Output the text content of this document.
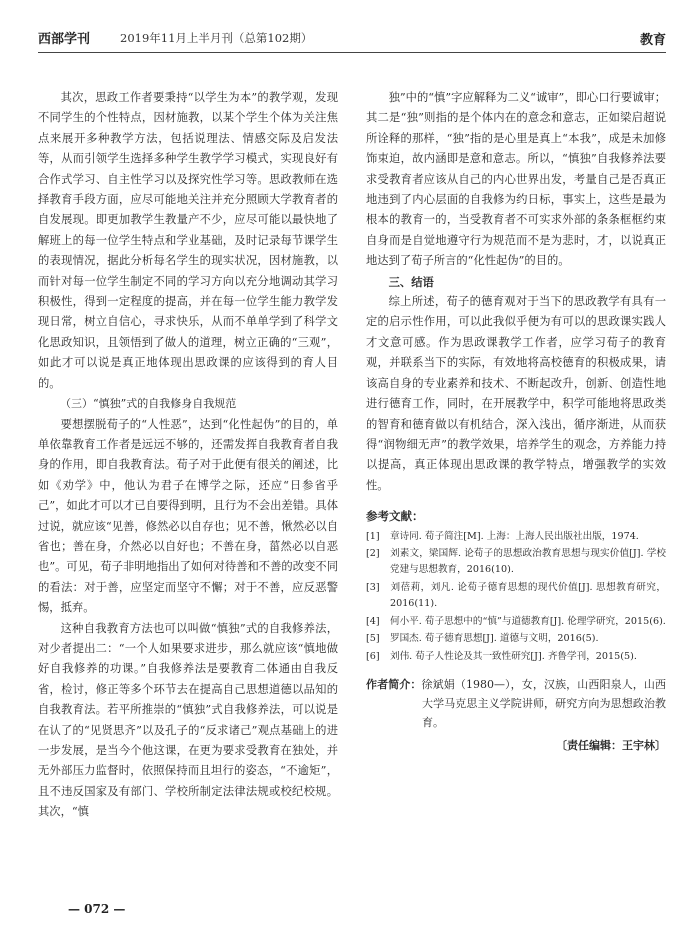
西部学刊	2019年11月上半月刊（总第102期）	教育

其次，思政工作者要秉持“以学生为本”的教学观，发现不同学生的个性特点，因材施教，以某个学生个体为关注焦点来展开多种教学方法，包括说理法、情感交际及启发法等，从而引领学生选择多种学生教学学习模式，实现良好有合作式学习、自主性学习以及探究性学习等。思政教师在选择教育手段方面，应尽可能地关注并充分照顾大学教育者的自发展现。即更加教学生教量产不少，应尽可能以最快地了解班上的每一位学生特点和学业基础，及时记录每节课学生的表现情况，据此分析每名学生的现实状况，因材施教，以而针对每一位学生制定不同的学习方向以充分地调动其学习积极性，得到一定程度的提高，并在每一位学生能力教学发现日常，树立自信心，寻求快乐，从而不单单学到了科学文化思政知识，且领悟到了做人的道理，树立正确的“三观”，如此才可以说是真正地体现出思政课的应该得到的育人目的。

（三）“慎独”式的自我修身自我规范

要想摆脱荀子的“人性恶”，达到“化性起伪”的目的，单单依靠教育工作者是远远不够的，还需发挥自我教育者自我身的作用，即自我教育法。荀子对于此便有很关的阐述，比如《劝学》中，他认为君子在博学之际，还应“日参省乎己”，如此才可以才已自要得到明，且行为不会出差错。具体过说，就应该“见善，修然必以自存也；见不善，愀然必以自省也；善在身，介然必以自好也；不善在身，菑然必以自恶也”。可见，荀子非明地指出了如何对待善和不善的改变不同的看法：对于善，应坚定而坚守不懈；对于不善，应反恶警惕，抵弃。

这种自我教育方法也可以叫做“慎独”式的自我修养法，对少者提出二：“一个人如果要求进步，那么就应该“慎地做好自我修养的功课。”自我修养法是要教育二体通由自我反省，检讨，修正等多个环节去在提高自己思想道德以品知的自我教育法。若平所推崇的“慎独”式自我修养法，可以说是在认了的“见贤思齐”以及孔子的“反求诸己”观点基础上的进一步发展，是当今个他这课，在更为要求受教育在独处，并无外部压力监督时，依照保持而且坦行的姿态，“不逾矩”，且不违反国家及有部门、学校所制定法律法规或校纪校规。其次，“慎

独”中的“慎”字应解释为二义“诚审”，即心口行要诚审；其二是“独”则指的是个体内在的意念和意志，正如梁启超说所诠释的那样，“独”指的是心里是真上“本我”，成是未加修饰束迫，故内涵即是意和意志。所以，“慎独”自我修养法要求受教育者应该从自己的内心世界出发，考量自己是否真正地违到了内心层面的自我修为约日标，事实上，这些是最为根本的教育一的，当受教育者不可实求外部的条条框框约束自身而是自觉地遵守行为规范而不是为悲时，才，以说真正地达到了荀子所言的“化性起伪”的目的。

三、结语

综上所述，荀子的德育观对于当下的思政教学有具有一定的启示性作用，可以此我似乎便为有可以的思政课实践人才文意可感。作为思政课教学工作者，应学习荀子的教育观，并联系当下的实际，有效地将高校德育的积极成果，请该高自身的专业素养和技术、不断起改升，创新、创造性地进行德育工作，同时，在开展教学中，积学可能地将思政类的智育和德育做以有机结合，深入浅出，循序渐进，从而获得“润物细无声”的教学效果，培养学生的观念，方养能力持以提高，真正体现出思政课的教学特点，增强教学的实效性。

参考文献：
[1] 章诗同. 荀子简注[M]. 上海：上海人民出版社出版，1974.
[2] 刘素文，梁国辉. 论荀子的思想政治教育思想与现实价值[J]. 学校党建与思想教育，2016(10).
[3] 刘蓓莉，刘凡. 论荀子德育思想的现代价值[J]. 思想教育研究，2016(11).
[4] 何小平. 荀子思想中的“慎”与道德教育[J]. 伦理学研究，2015(6).
[5] 罗国杰. 荀子德育思想[J]. 道德与文明，2016(5).
[6] 刘伟. 荀子人性论及其一致性研究[J]. 齐鲁学刊，2015(5).
作者简介：徐斌娟（1980—），女，汉族，山西阳泉人，山西大学马克思主义学院讲师，研究方向为思想政治教育。
〔责任编辑：王宇林〕
— 072 —
